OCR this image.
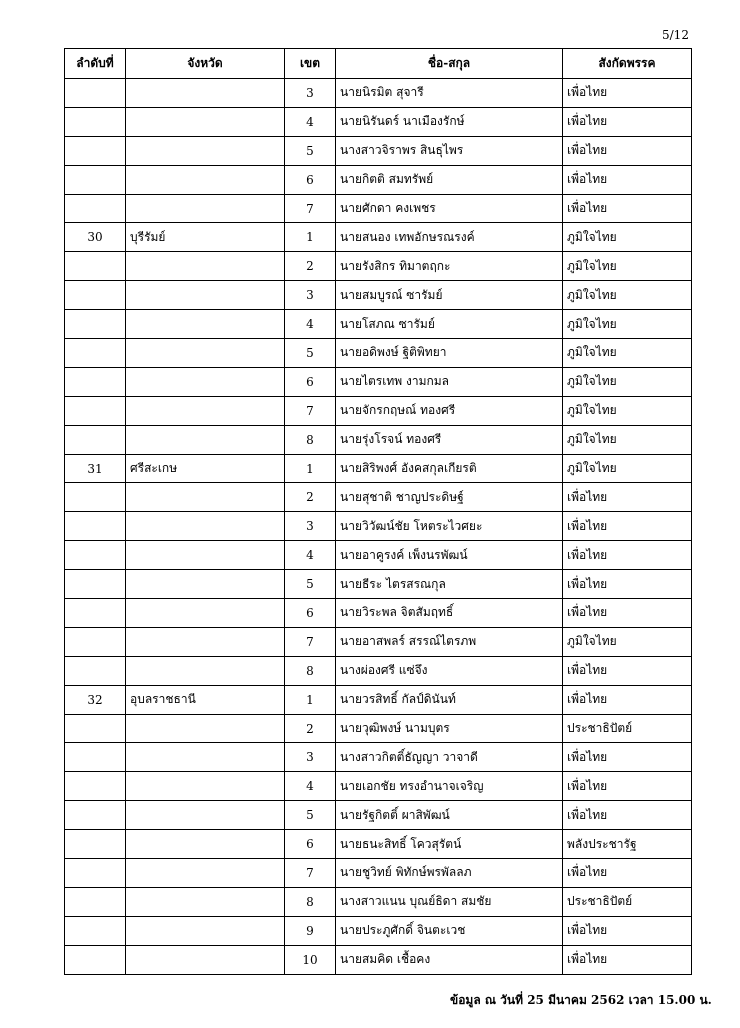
5/12
ลำดับที่	จังหวัด	เขต	ชื่อ-สกุล	สังกัดพรรค
		3	นายนิรมิต สุจารี	เพื่อไทย
		4	นายนิรันดร์ นาเมืองรักษ์	เพื่อไทย
		5	นางสาวจิราพร สินธุไพร	เพื่อไทย
		6	นายกิตติ สมทรัพย์	เพื่อไทย
		7	นายศักดา คงเพชร	เพื่อไทย
30	บุรีรัมย์	1	นายสนอง เทพอักษรณรงค์	ภูมิใจไทย
		2	นายรังสิกร ทิมาตฤกะ	ภูมิใจไทย
		3	นายสมบูรณ์ ซารัมย์	ภูมิใจไทย
		4	นายโสภณ ซารัมย์	ภูมิใจไทย
		5	นายอดิพงษ์ ฐิติพิทยา	ภูมิใจไทย
		6	นายไตรเทพ งามกมล	ภูมิใจไทย
		7	นายจักรกฤษณ์ ทองศรี	ภูมิใจไทย
		8	นายรุ่งโรจน์ ทองศรี	ภูมิใจไทย
31	ศรีสะเกษ	1	นายสิริพงศ์ อังคสกุลเกียรติ	ภูมิใจไทย
		2	นายสุชาติ ชาญประดิษฐ์	เพื่อไทย
		3	นายวิวัฒน์ชัย โหตระไวศยะ	เพื่อไทย
		4	นายอาคูรงค์ เพ็งนรพัฒน์	เพื่อไทย
		5	นายธีระ ไตรสรณกุล	เพื่อไทย
		6	นายวิระพล จิตสัมฤทธิ์	เพื่อไทย
		7	นายอาสพลร์ สรรณ์ไตรภพ	ภูมิใจไทย
		8	นางผ่องศรี แซ่จึง	เพื่อไทย
32	อุบลราชธานี	1	นายวรสิทธิ์ กัลป์ดินันท์	เพื่อไทย
		2	นายวุฒิพงษ์ นามบุตร	ประชาธิปัตย์
		3	นางสาวกิตติ์ธัญญา วาจาดี	เพื่อไทย
		4	นายเอกชัย ทรงอำนาจเจริญ	เพื่อไทย
		5	นายรัฐกิตติ์ ผาสิพัฒน์	เพื่อไทย
		6	นายธนะสิทธิ์ โควสุรัตน์	พลังประชารัฐ
		7	นายชูวิทย์ พิทักษ์พรพัลลภ	เพื่อไทย
		8	นางสาวแนน บุณย์ธิดา สมชัย	ประชาธิปัตย์
		9	นายประภูศักดิ์ จินตะเวช	เพื่อไทย
		10	นายสมคิด เชื้อคง	เพื่อไทย
ข้อมูล ณ วันที่ 25 มีนาคม 2562 เวลา 15.00 น.
